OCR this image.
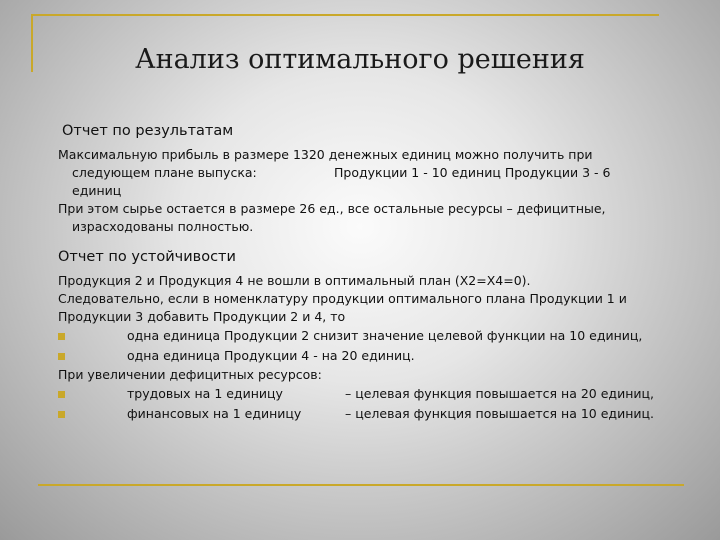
Анализ оптимального решения
Отчет по результатам

Максимальную прибыль в размере 1320 денежных единиц можно получить при

следующем плане выпуска:	Продукции 1 - 10 единиц Продукции 3 - 6

единиц

При этом сырье остается в размере 26 ед., все остальные ресурсы – дефицитные,

израсходованы полностью.

Отчет по устойчивости

Продукция 2 и Продукция 4 не вошли в оптимальный план (X2=X4=0).

Следовательно, если в номенклатуру продукции оптимального плана Продукции 1 и

Продукции 3 добавить Продукции 2 и 4, то

одна единица Продукции 2 снизит значение целевой функции на 10 единиц,
одна единица Продукции 4 - на 20 единиц.

При увеличении дефицитных ресурсов:

трудовых на 1 единицу	– целевая функция повышается на 20 единиц,
финансовых на 1 единицу	– целевая функция повышается на 10 единиц.
